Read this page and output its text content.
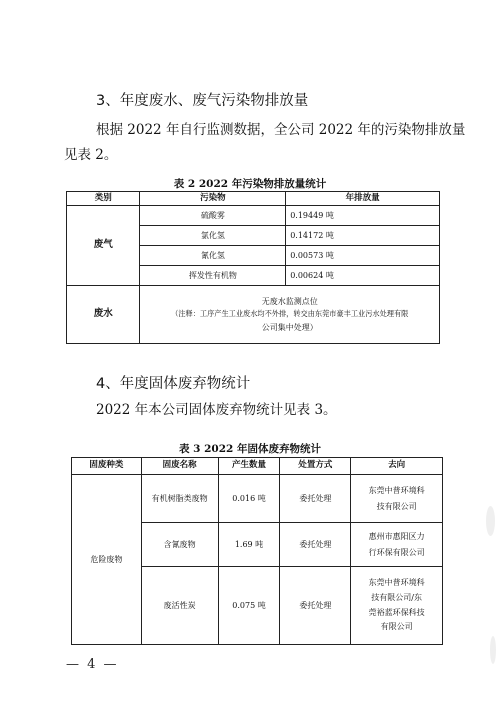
3、年度废水、废气污染物排放量
根据 2022 年自行监测数据，全公司 2022 年的污染物排放量
见表 2。
表 2 2022 年污染物排放量统计
类别	污染物	年排放量
废气	硫酸雾	0.19449 吨
	氯化氢	0.14172 吨
	氰化氢	0.00573 吨
	挥发性有机物	0.00624 吨
废水	无废水监测点位
（注释：工序产生工业废水均不外排，转交由东莞市豪丰工业污水处理有限
公司集中处理）	
4、年度固体废弃物统计
2022 年本公司固体废弃物统计见表 3。
表 3 2022 年固体废弃物统计
固废种类	固废名称	产生数量	处置方式	去向
危险废物	有机树脂类废物	0.016 吨	委托处理	东莞中普环境科
技有限公司

	含氰废物	1.69 吨	委托处理	惠州市惠阳区力
行环保有限公司

	废活性炭	0.075 吨	委托处理	东莞中普环境科
技有限公司/东
莞裕蓝环保科技
有限公司
— 4 —
